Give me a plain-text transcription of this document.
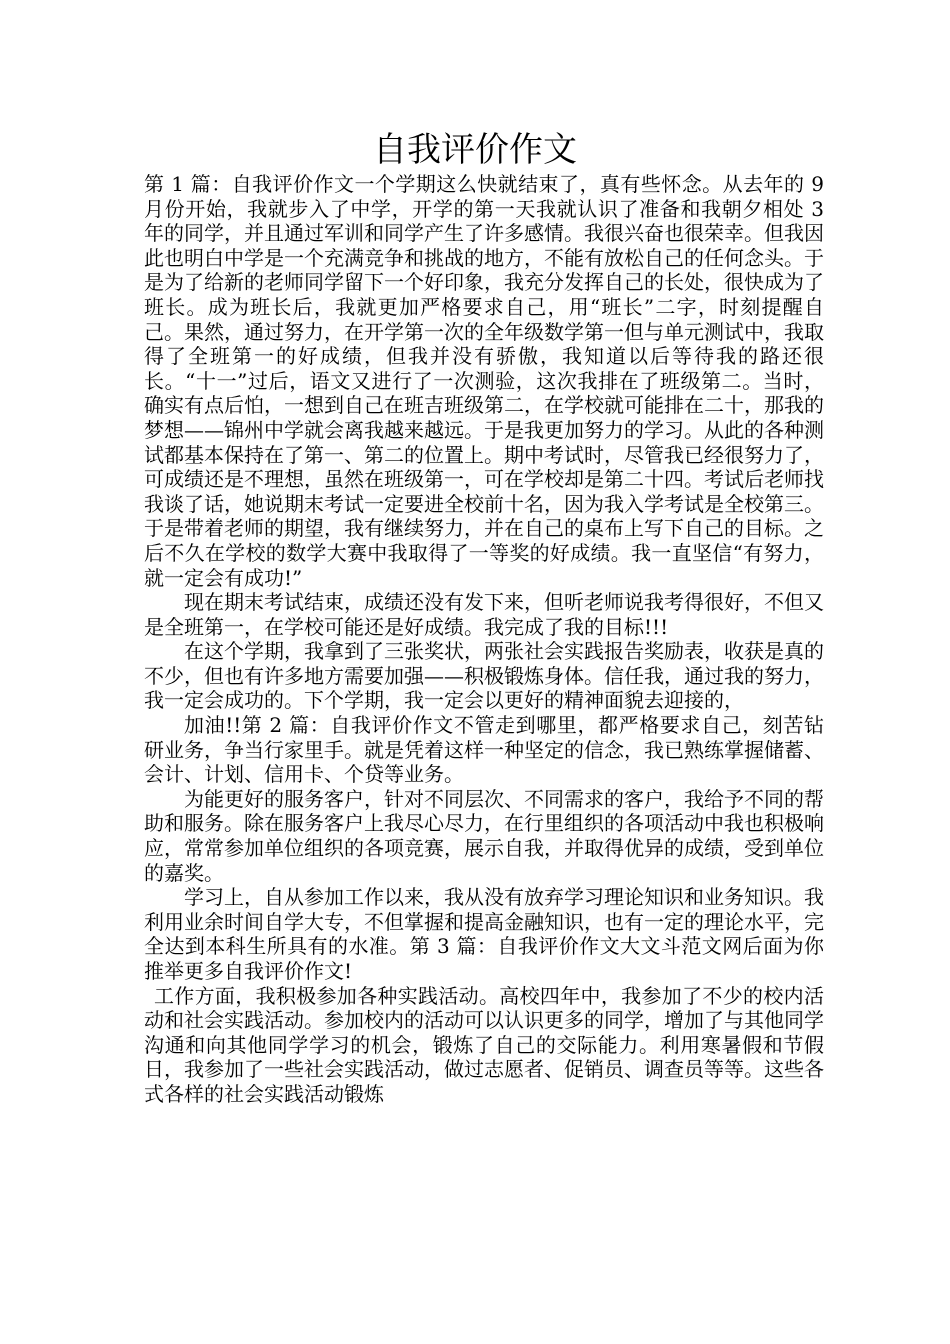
自我评价作文

第 1 篇：自我评价作文一个学期这么快就结束了，真有些怀念。从去年的 9 月份开始，我就步入了中学，开学的第一天我就认识了准备和我朝夕相处 3 年的同学，并且通过军训和同学产生了许多感情。我很兴奋也很荣幸。但我因此也明白中学是一个充满竞争和挑战的地方，不能有放松自己的任何念头。于是为了给新的老师同学留下一个好印象，我充分发挥自己的长处，很快成为了班长。成为班长后，我就更加严格要求自己，用“班长”二字，时刻提醒自己。果然，通过努力，在开学第一次的全年级数学第一但与单元测试中，我取得了全班第一的好成绩，但我并没有骄傲，我知道以后等待我的路还很长。“十一”过后，语文又进行了一次测验，这次我排在了班级第二。当时，确实有点后怕，一想到自己在班吉班级第二，在学校就可能排在二十，那我的梦想——锦州中学就会离我越来越远。于是我更加努力的学习。从此的各种测试都基本保持在了第一、第二的位置上。期中考试时，尽管我已经很努力了，可成绩还是不理想，虽然在班级第一，可在学校却是第二十四。考试后老师找我谈了话，她说期末考试一定要进全校前十名，因为我入学考试是全校第三。于是带着老师的期望，我有继续努力，并在自己的桌布上写下自己的目标。之后不久在学校的数学大赛中我取得了一等奖的好成绩。我一直坚信“有努力，就一定会有成功!”

现在期末考试结束，成绩还没有发下来，但听老师说我考得很好，不但又是全班第一，在学校可能还是好成绩。我完成了我的目标!!!

在这个学期，我拿到了三张奖状，两张社会实践报告奖励表，收获是真的不少，但也有许多地方需要加强——积极锻炼身体。信任我，通过我的努力，我一定会成功的。下个学期，我一定会以更好的精神面貌去迎接的，

加油!!第 2 篇：自我评价作文不管走到哪里，都严格要求自己，刻苦钻研业务，争当行家里手。就是凭着这样一种坚定的信念，我已熟练掌握储蓄、会计、计划、信用卡、个贷等业务。

为能更好的服务客户，针对不同层次、不同需求的客户，我给予不同的帮助和服务。除在服务客户上我尽心尽力，在行里组织的各项活动中我也积极响应，常常参加单位组织的各项竞赛，展示自我，并取得优异的成绩，受到单位的嘉奖。

学习上，自从参加工作以来，我从没有放弃学习理论知识和业务知识。我利用业余时间自学大专，不但掌握和提高金融知识，也有一定的理论水平，完全达到本科生所具有的水准。第 3 篇：自我评价作文大文斗范文网后面为你推举更多自我评价作文!

工作方面，我积极参加各种实践活动。高校四年中，我参加了不少的校内活动和社会实践活动。参加校内的活动可以认识更多的同学，增加了与其他同学沟通和向其他同学学习的机会，锻炼了自己的交际能力。利用寒暑假和节假日，我参加了一些社会实践活动，做过志愿者、促销员、调查员等等。这些各式各样的社会实践活动锻炼
